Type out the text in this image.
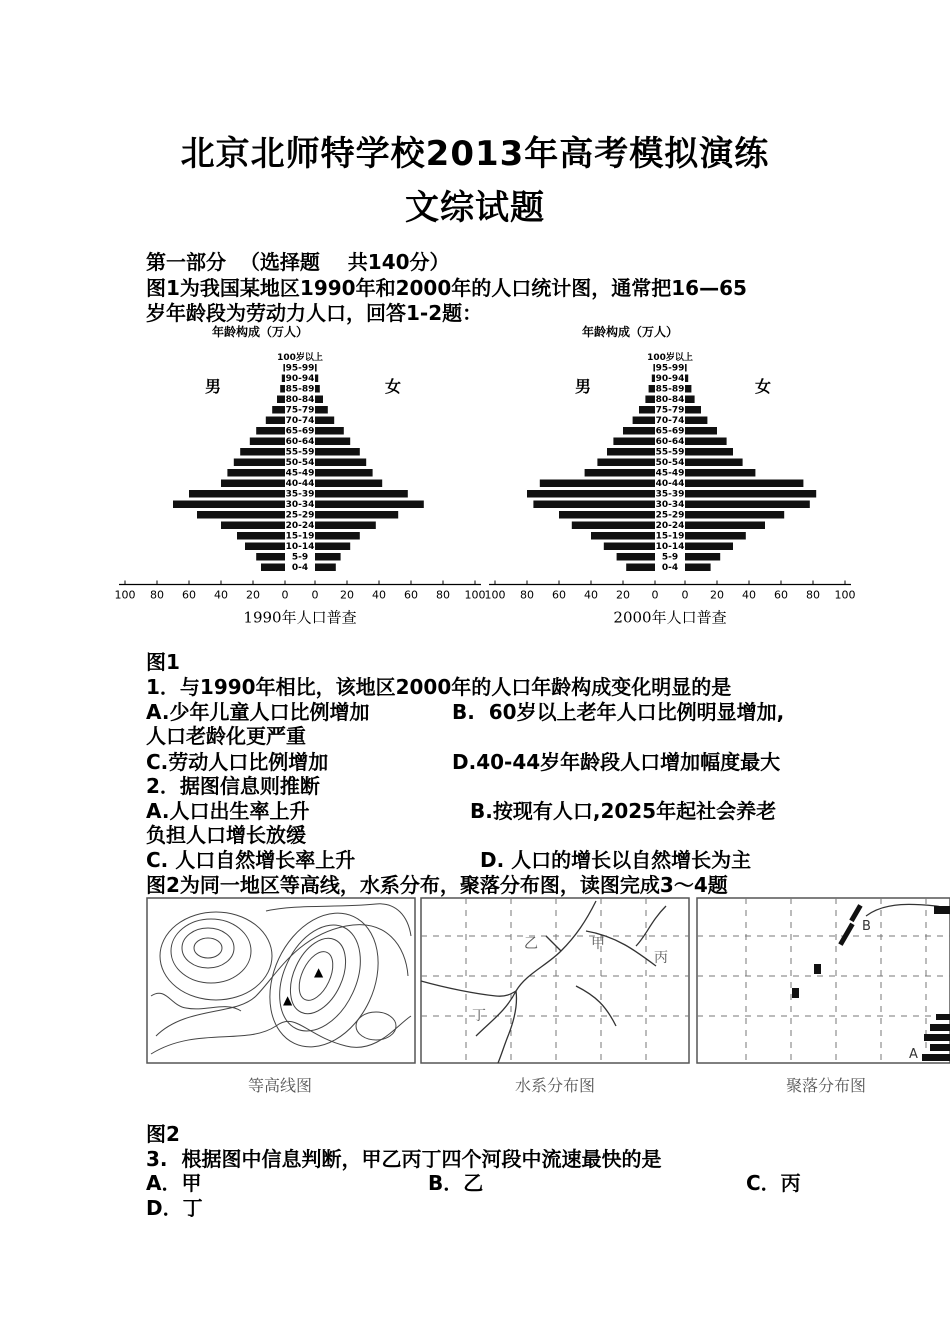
北京北师特学校2013年高考模拟演练
文综试题
第一部分  （选择题    共140分）
图1为我国某地区1990年和2000年的人口统计图，通常把16—65
岁年龄段为劳动力人口，回答1-2题：
年龄构成（万人）
男	女
100岁以上
95-99
90-94
85-89
80-84
75-79
70-74
65-69
60-64
55-59
50-54
45-49
40-44
35-39
30-34
25-29
20-24
15-19
10-14
5-9
0-4
100 80 60 40 20 0 0 20 40 60 80 100
1990年人口普查
年龄构成（万人）
男	女
100岁以上
95-99
90-94
85-89
80-84
75-79
70-74
65-69
60-64
55-59
50-54
45-49
40-44
35-39
30-34
25-29
20-24
15-19
10-14
5-9
0-4
100 80 60 40 20 0 0 20 40 60 80 100
2000年人口普查
图1
1．与1990年相比，该地区2000年的人口年龄构成变化明显的是
A.少年儿童人口比例增加	B.  60岁以上老年人口比例明显增加,
人口老龄化更严重
C.劳动人口比例增加	D.40-44岁年龄段人口增加幅度最大
2．据图信息则推断
A.人口出生率上升	B.按现有人口,2025年起社会养老
负担人口增长放缓
C. 人口自然增长率上升	D. 人口的增长以自然增长为主
图2为同一地区等高线，水系分布，聚落分布图，读图完成3～4题
▲
▲
等高线图
乙	甲
丙
丁
水系分布图
B
A
聚落分布图
图2
3.  根据图中信息判断，甲乙丙丁四个河段中流速最快的是
A．甲	B．乙	C．丙
D．丁
